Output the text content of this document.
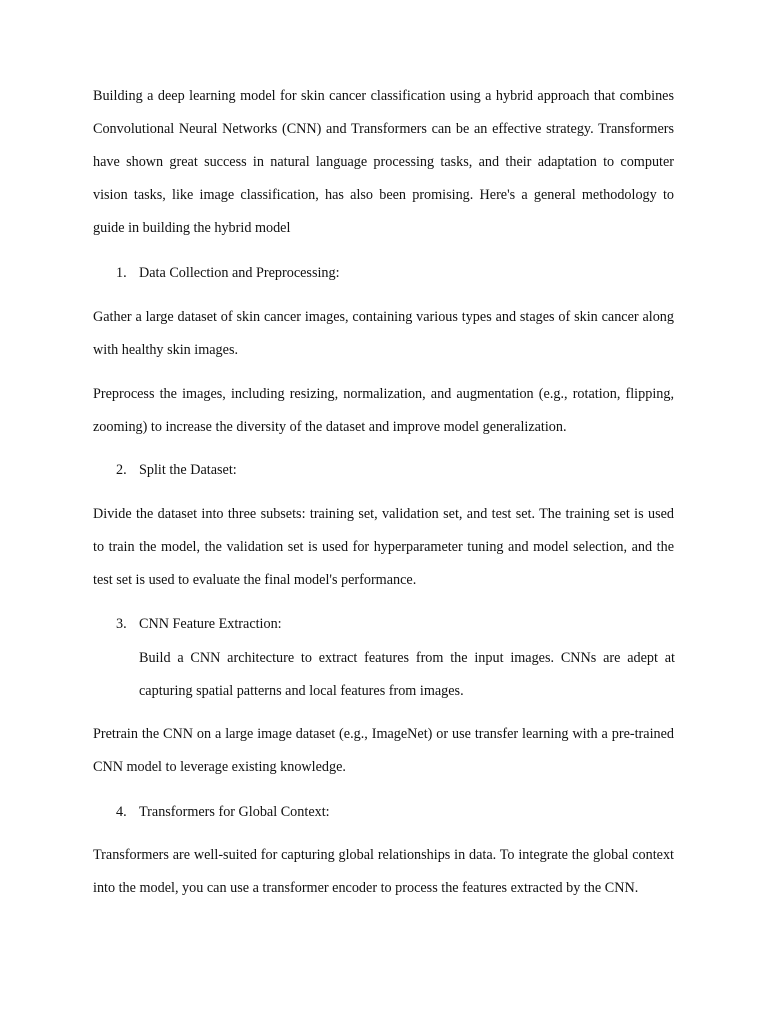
Building a deep learning model for skin cancer classification using a hybrid approach that combines Convolutional Neural Networks (CNN) and Transformers can be an effective strategy. Transformers have shown great success in natural language processing tasks, and their adaptation to computer vision tasks, like image classification, has also been promising. Here's a general methodology to guide in building the hybrid model

1. Data Collection and Preprocessing:

Gather a large dataset of skin cancer images, containing various types and stages of skin cancer along with healthy skin images.

Preprocess the images, including resizing, normalization, and augmentation (e.g., rotation, flipping, zooming) to increase the diversity of the dataset and improve model generalization.

2. Split the Dataset:

Divide the dataset into three subsets: training set, validation set, and test set. The training set is used to train the model, the validation set is used for hyperparameter tuning and model selection, and the test set is used to evaluate the final model's performance.

3. CNN Feature Extraction:

Build a CNN architecture to extract features from the input images. CNNs are adept at capturing spatial patterns and local features from images.

Pretrain the CNN on a large image dataset (e.g., ImageNet) or use transfer learning with a pre-trained CNN model to leverage existing knowledge.

4. Transformers for Global Context:

Transformers are well-suited for capturing global relationships in data. To integrate the global context into the model, you can use a transformer encoder to process the features extracted by the CNN.
